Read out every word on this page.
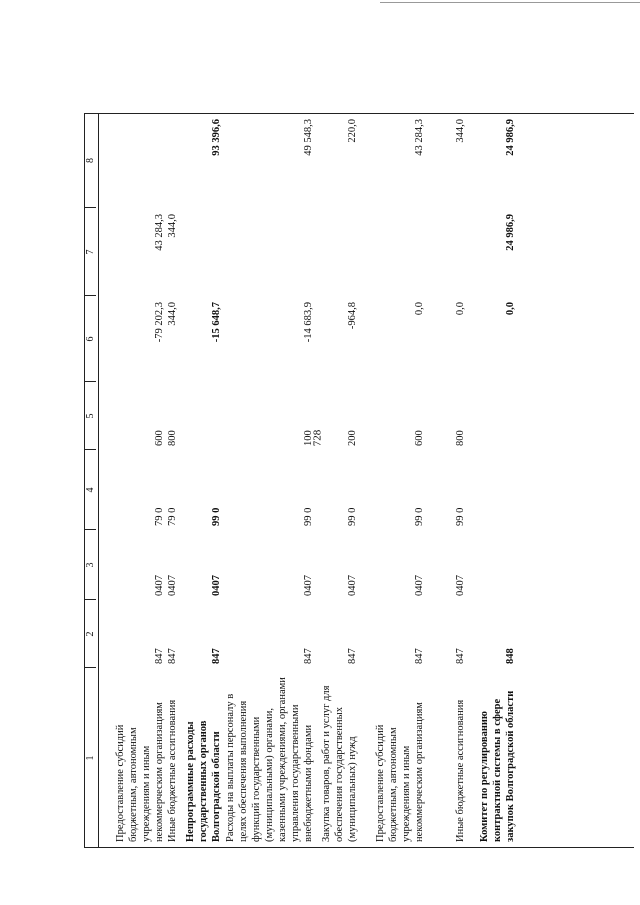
728
1
2
3
4
5
6
7
8
Предоставление субсидий бюджетным, автономным учреждениям и иным некоммерческим организациям
847
0407
79 0
600
-79 202,3
43 284,3
Иные бюджетные ассигнования
847
0407
79 0
800
344,0
344,0
Непрограммные расходы государственных органов Волгоградской области
847
0407
99 0
-15 648,7
93 396,6
Расходы на выплаты персоналу в целях обеспечения выполнения функций государственными (муниципальными) органами, казенными учреждениями, органами управления государственными внебюджетными фондами
847
0407
99 0
100
-14 683,9
49 548,3
Закупка товаров, работ и услуг для обеспечения государственных (муниципальных) нужд
847
0407
99 0
200
-964,8
220,0
Предоставление субсидий бюджетным, автономным учреждениям и иным некоммерческим организациям
847
0407
99 0
600
0,0
43 284,3
Иные бюджетные ассигнования
847
0407
99 0
800
0,0
344,0
Комитет по регулированию контрактной системы в сфере закупок Волгоградской области
848
0,0
24 986,9
24 986,9
